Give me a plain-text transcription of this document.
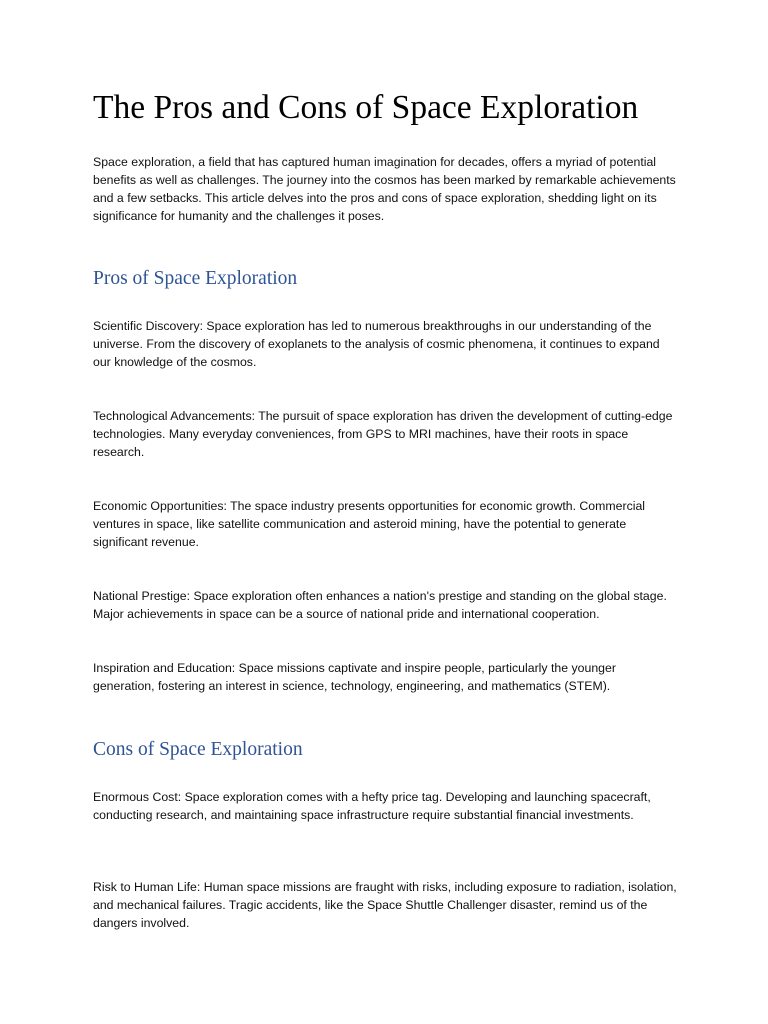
The Pros and Cons of Space Exploration

Space exploration, a field that has captured human imagination for decades, offers a myriad of potential benefits as well as challenges. The journey into the cosmos has been marked by remarkable achievements and a few setbacks. This article delves into the pros and cons of space exploration, shedding light on its significance for humanity and the challenges it poses.

Pros of Space Exploration

Scientific Discovery: Space exploration has led to numerous breakthroughs in our understanding of the universe. From the discovery of exoplanets to the analysis of cosmic phenomena, it continues to expand our knowledge of the cosmos.

Technological Advancements: The pursuit of space exploration has driven the development of cutting-edge technologies. Many everyday conveniences, from GPS to MRI machines, have their roots in space research.

Economic Opportunities: The space industry presents opportunities for economic growth. Commercial ventures in space, like satellite communication and asteroid mining, have the potential to generate significant revenue.

National Prestige: Space exploration often enhances a nation's prestige and standing on the global stage. Major achievements in space can be a source of national pride and international cooperation.

Inspiration and Education: Space missions captivate and inspire people, particularly the younger generation, fostering an interest in science, technology, engineering, and mathematics (STEM).

Cons of Space Exploration

Enormous Cost: Space exploration comes with a hefty price tag. Developing and launching spacecraft, conducting research, and maintaining space infrastructure require substantial financial investments.

Risk to Human Life: Human space missions are fraught with risks, including exposure to radiation, isolation, and mechanical failures. Tragic accidents, like the Space Shuttle Challenger disaster, remind us of the dangers involved.
